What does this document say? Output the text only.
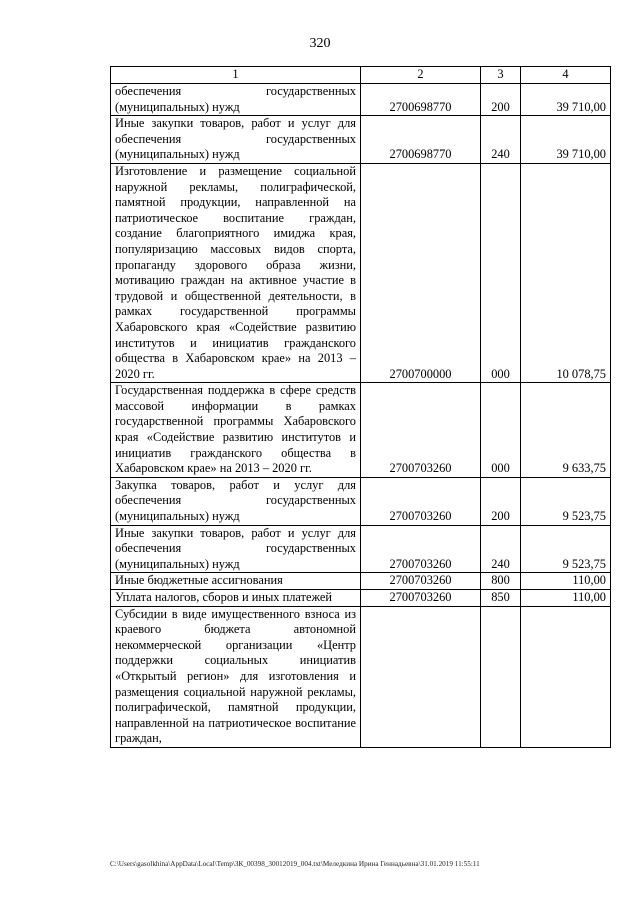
320
1	2	3	4
обеспечения государственных (муниципальных) нужд	2700698770	200	39 710,00
Иные закупки товаров, работ и услуг для обеспечения государственных (муниципальных) нужд	2700698770	240	39 710,00
Изготовление и размещение социальной наружной рекламы, полиграфической, памятной продукции, направленной на патриотическое воспитание граждан, создание благоприятного имиджа края, популяризацию массовых видов спорта, пропаганду здорового образа жизни, мотивацию граждан на активное участие в трудовой и общественной деятельности, в рамках государственной программы Хабаровского края «Содействие развитию институтов и инициатив гражданского общества в Хабаровском крае» на 2013 – 2020 гг.	2700700000	000	10 078,75
Государственная поддержка в сфере средств массовой информации в рамках государственной программы Хабаровского края «Содействие развитию институтов и инициатив гражданского общества в Хабаровском крае» на 2013 – 2020 гг.	2700703260	000	9 633,75
Закупка товаров, работ и услуг для обеспечения государственных (муниципальных) нужд	2700703260	200	9 523,75
Иные закупки товаров, работ и услуг для обеспечения государственных (муниципальных) нужд	2700703260	240	9 523,75
Иные бюджетные ассигнования	2700703260	800	110,00
Уплата налогов, сборов и иных платежей	2700703260	850	110,00
Субсидии в виде имущественного взноса из краевого бюджета автономной некоммерческой организации «Центр поддержки социальных инициатив «Открытый регион» для изготовления и размещения социальной наружной рекламы, полиграфической, памятной продукции, направленной на патриотическое воспитание граждан,			
C:\Users\gasolkhina\AppData\Local\Temp\ЗК_00398_30012019_004.txt\Меледкина Ирина Геннадьевна\31.01.2019 11:55:11
